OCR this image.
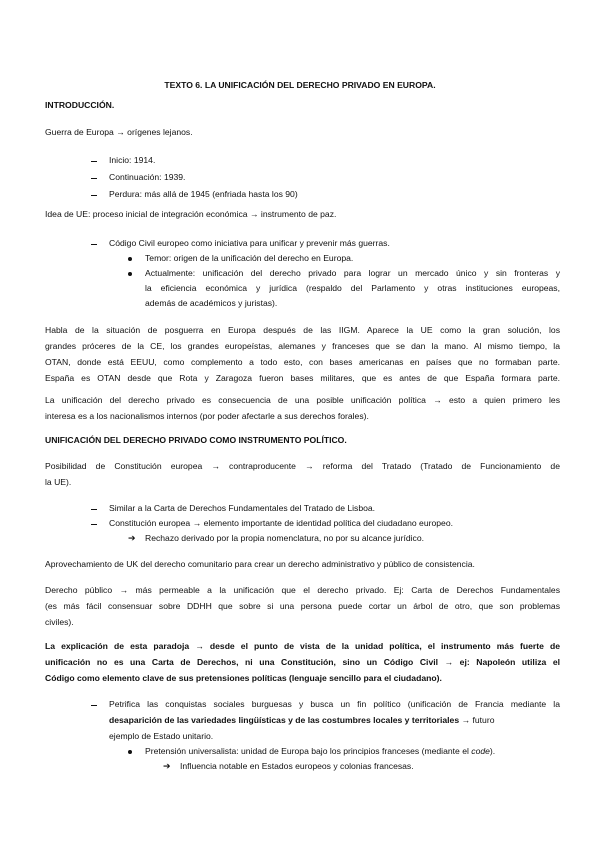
TEXTO 6. LA UNIFICACIÓN DEL DERECHO PRIVADO EN EUROPA.
INTRODUCCIÓN.
Guerra de Europa → orígenes lejanos.
Inicio: 1914.
Continuación: 1939.
Perdura: más allá de 1945 (enfriada hasta los 90)
Idea de UE: proceso inicial de integración económica → instrumento de paz.
Código Civil europeo como iniciativa para unificar y prevenir más guerras.
Temor: origen de la unificación del derecho en Europa.
Actualmente: unificación del derecho privado para lograr un mercado único y sin fronteras y
la eficiencia económica y jurídica (respaldo del Parlamento y otras instituciones europeas,
además de académicos y juristas).
Habla de la situación de posguerra en Europa después de las IIGM. Aparece la UE como la gran solución, los
grandes próceres de la CE, los grandes europeístas, alemanes y franceses que se dan la mano. Al mismo tiempo, la
OTAN, donde está EEUU, como complemento a todo esto, con bases americanas en países que no formaban parte.
España es OTAN desde que Rota y Zaragoza fueron bases militares, que es antes de que España formara parte.
La unificación del derecho privado es consecuencia de una posible unificación política → esto a quien primero les
interesa es a los nacionalismos internos (por poder afectarle a sus derechos forales).
UNIFICACIÓN DEL DERECHO PRIVADO COMO INSTRUMENTO POLÍTICO.
Posibilidad de Constitución europea → contraproducente → reforma del Tratado (Tratado de Funcionamiento de
la UE).
Similar a la Carta de Derechos Fundamentales del Tratado de Lisboa.
Constitución europea → elemento importante de identidad política del ciudadano europeo.
➔ Rechazo derivado por la propia nomenclatura, no por su alcance jurídico.
Aprovechamiento de UK del derecho comunitario para crear un derecho administrativo y público de consistencia.
Derecho público → más permeable a la unificación que el derecho privado. Ej: Carta de Derechos Fundamentales
(es más fácil consensuar sobre DDHH que sobre si una persona puede cortar un árbol de otro, que son problemas
civiles).
La explicación de esta paradoja → desde el punto de vista de la unidad política, el instrumento más fuerte de
unificación no es una Carta de Derechos, ni una Constitución, sino un Código Civil → ej: Napoleón utiliza el
Código como elemento clave de sus pretensiones políticas (lenguaje sencillo para el ciudadano).
Petrifica las conquistas sociales burguesas y busca un fin político (unificación de Francia mediante la
desaparición de las variedades lingüísticas y de las costumbres locales y territoriales → futuro
ejemplo de Estado unitario.
Pretensión universalista: unidad de Europa bajo los principios franceses (mediante el code).
➔ Influencia notable en Estados europeos y colonias francesas.
